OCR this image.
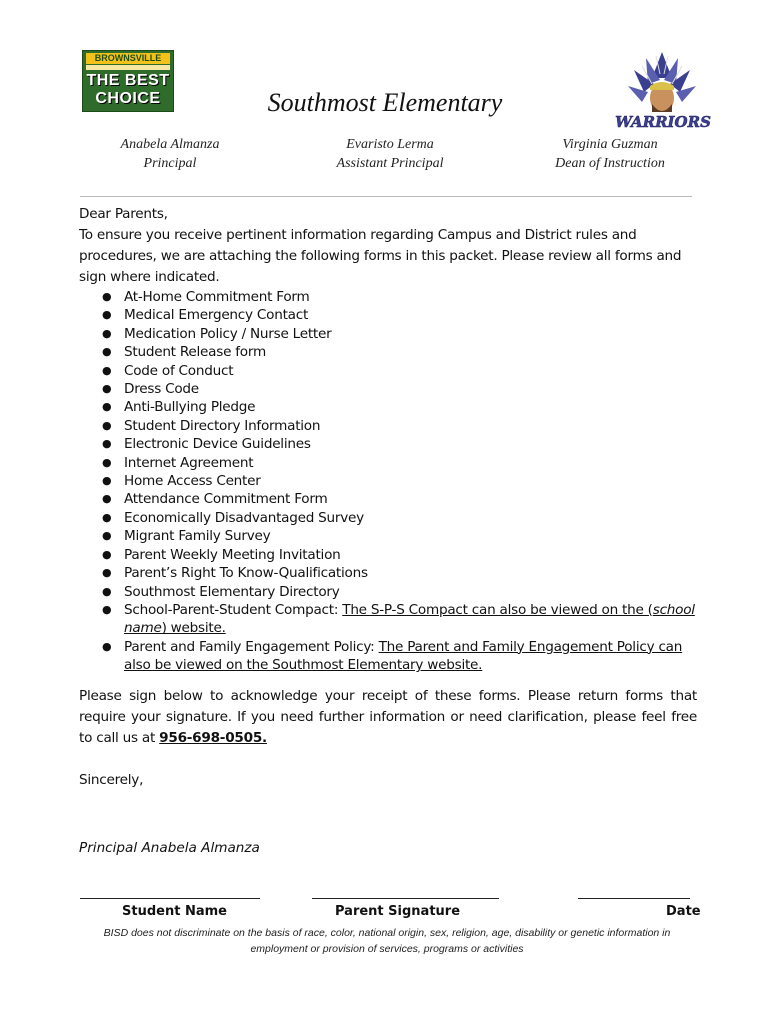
BROWNSVILLE
THE BEST
CHOICE
WARRIORS
Southmost Elementary
Anabela Almanza
Principal
Evaristo Lerma
Assistant Principal
Virginia Guzman
Dean of Instruction

Dear Parents,

To ensure you receive pertinent information regarding Campus and District rules and procedures, we are attaching the following forms in this packet. Please review all forms and sign where indicated.

● At-Home Commitment Form
● Medical Emergency Contact
● Medication Policy / Nurse Letter
● Student Release form
● Code of Conduct
● Dress Code
● Anti-Bullying Pledge
● Student Directory Information
● Electronic Device Guidelines
● Internet Agreement
● Home Access Center
● Attendance Commitment Form
● Economically Disadvantaged Survey
● Migrant Family Survey
● Parent Weekly Meeting Invitation
● Parent’s Right To Know-Qualifications
● Southmost Elementary Directory
● School-Parent-Student Compact: The S-P-S Compact can also be viewed on the (school name) website.
● Parent and Family Engagement Policy: The Parent and Family Engagement Policy can also be viewed on the Southmost Elementary website.

Please sign below to acknowledge your receipt of these forms. Please return forms that require your signature. If you need further information or need clarification, please feel free to call us at 956-698-0505.

Sincerely,

Principal Anabela Almanza
Student Name	Parent Signature	Date
BISD does not discriminate on the basis of race, color, national origin, sex, religion, age, disability or genetic information in employment or provision of services, programs or activities
